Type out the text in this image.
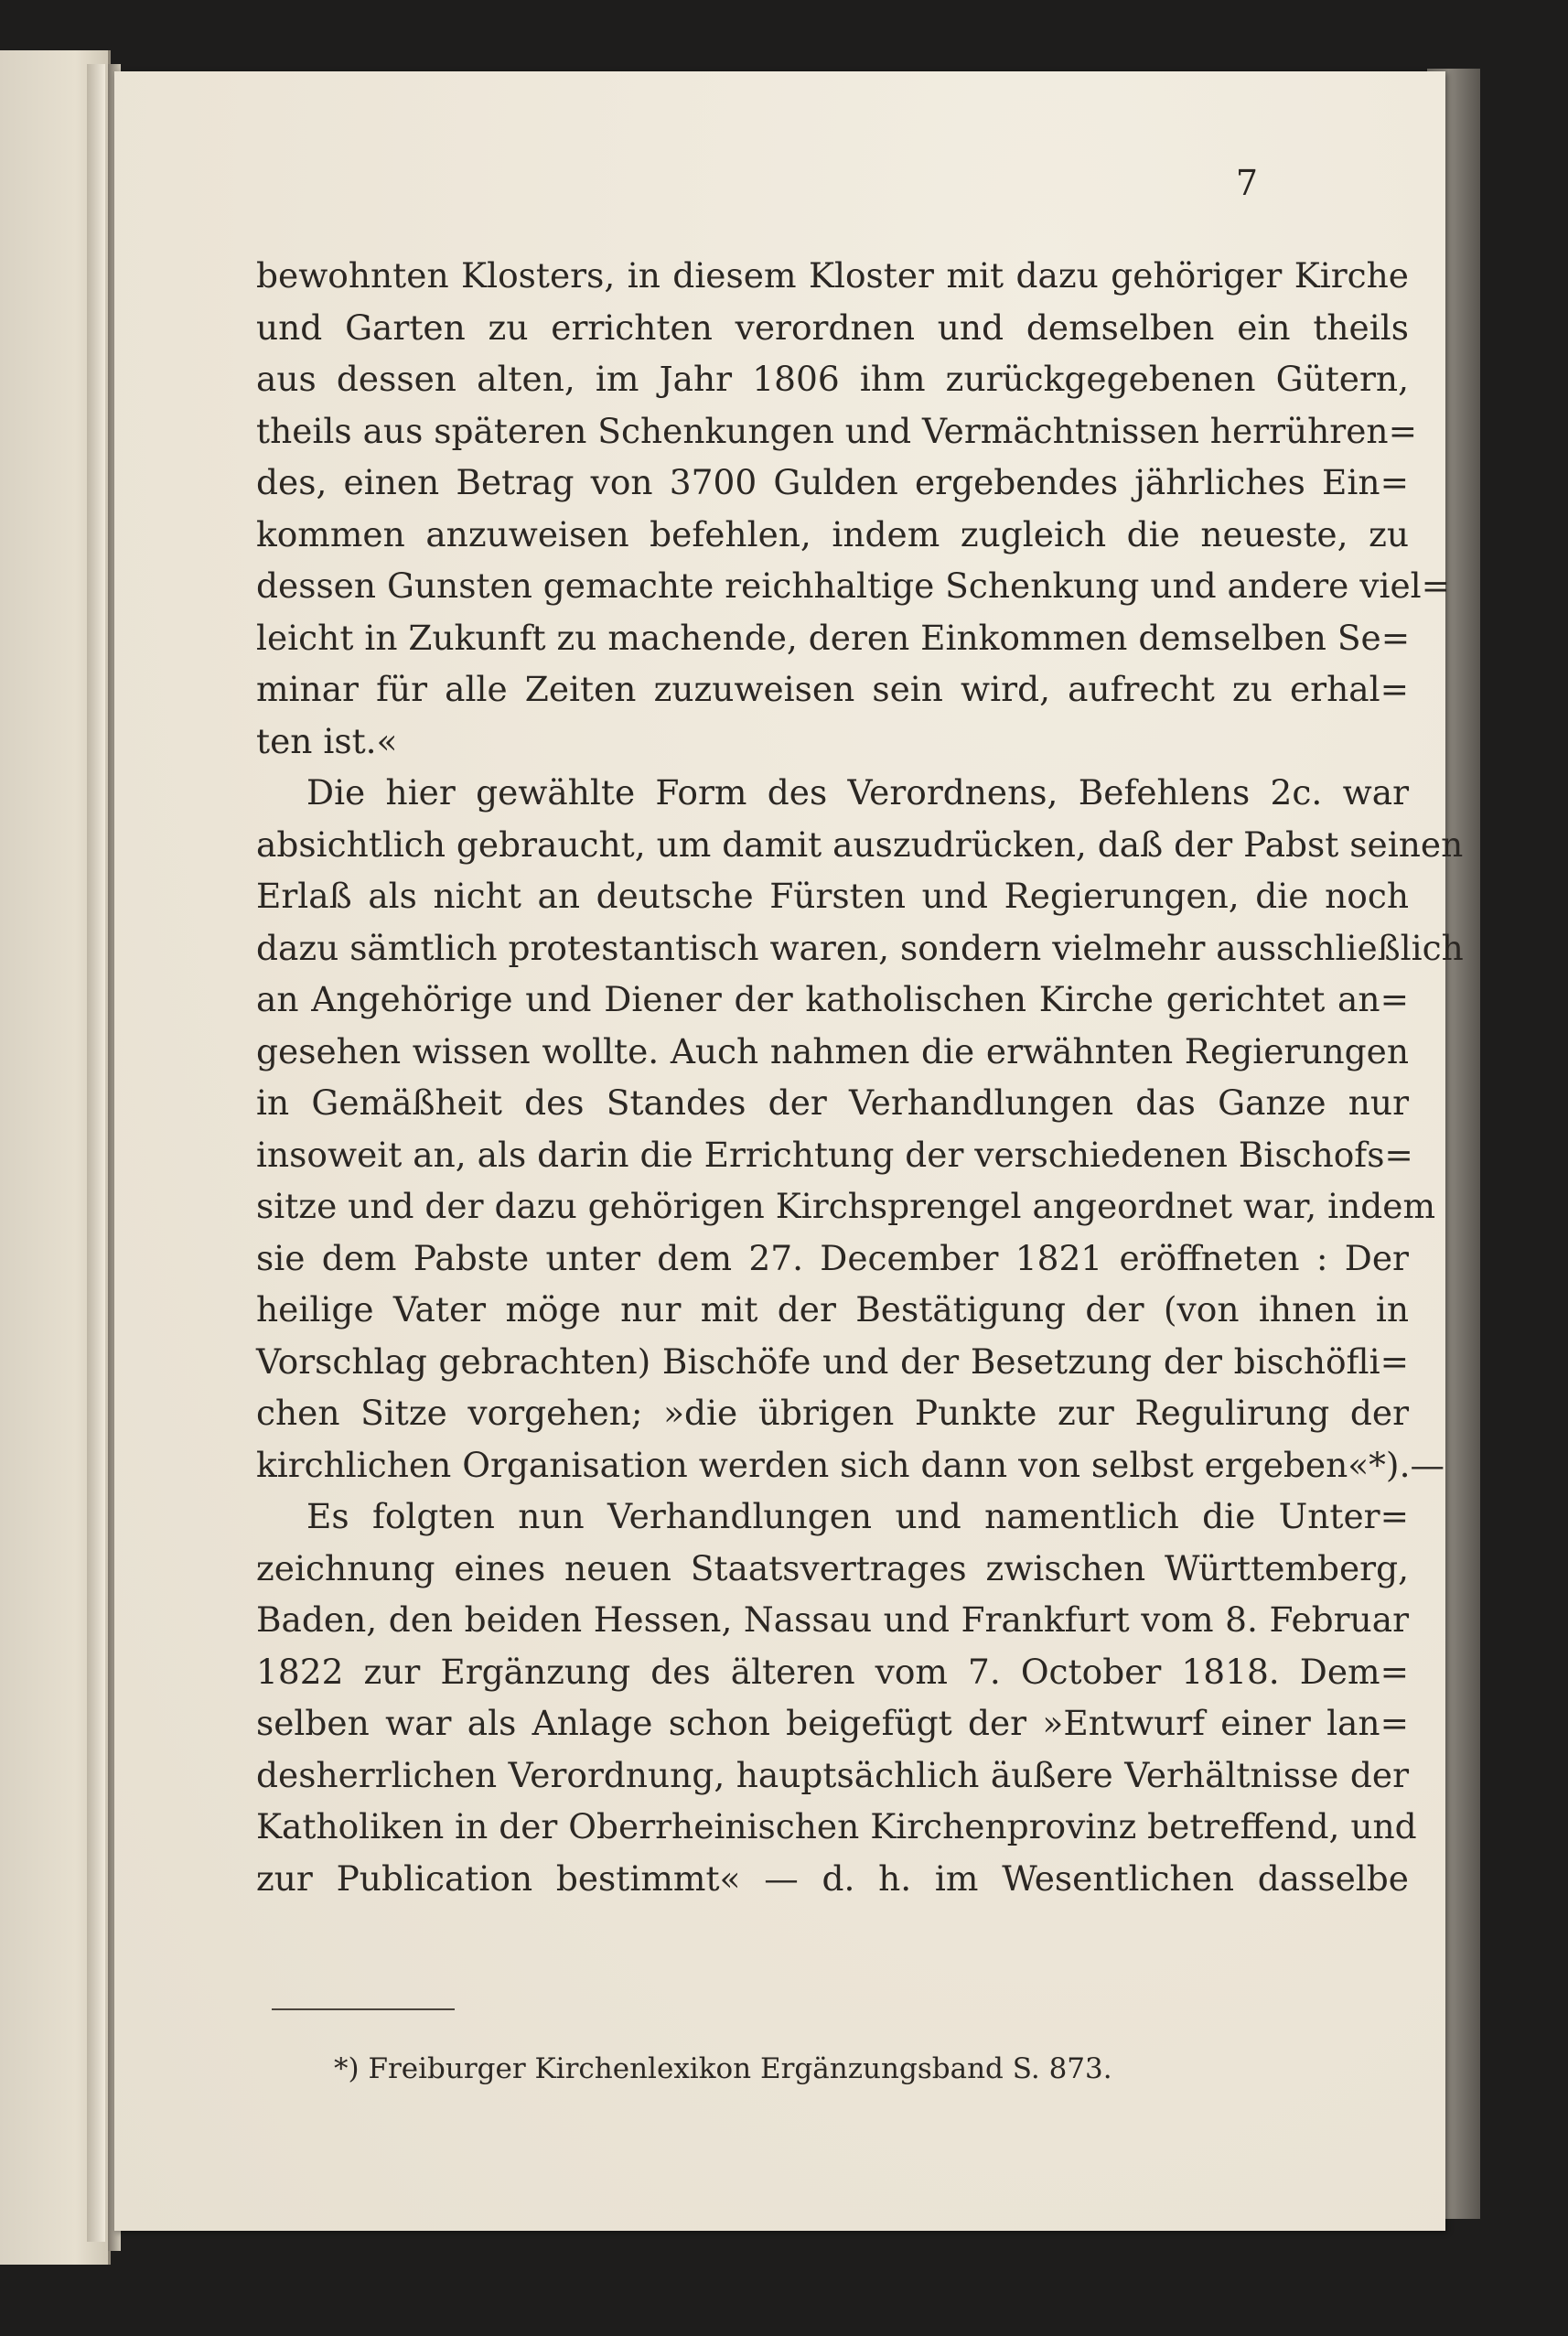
7
bewohnten Klosters, in diesem Kloster mit dazu gehöriger Kirche
und Garten zu errichten verordnen und demselben ein theils
aus dessen alten, im Jahr 1806 ihm zurückgegebenen Gütern,
theils aus späteren Schenkungen und Vermächtnissen herrühren=
des, einen Betrag von 3700 Gulden ergebendes jährliches Ein=
kommen anzuweisen befehlen, indem zugleich die neueste, zu
dessen Gunsten gemachte reichhaltige Schenkung und andere viel=
leicht in Zukunft zu machende, deren Einkommen demselben Se=
minar für alle Zeiten zuzuweisen sein wird, aufrecht zu erhal=
ten ist.«
Die hier gewählte Form des Verordnens, Befehlens 2c. war
absichtlich gebraucht, um damit auszudrücken, daß der Pabst seinen
Erlaß als nicht an deutsche Fürsten und Regierungen, die noch
dazu sämtlich protestantisch waren, sondern vielmehr ausschließlich
an Angehörige und Diener der katholischen Kirche gerichtet an=
gesehen wissen wollte. Auch nahmen die erwähnten Regierungen
in Gemäßheit des Standes der Verhandlungen das Ganze nur
insoweit an, als darin die Errichtung der verschiedenen Bischofs=
sitze und der dazu gehörigen Kirchsprengel angeordnet war, indem
sie dem Pabste unter dem 27. December 1821 eröffneten : Der
heilige Vater möge nur mit der Bestätigung der (von ihnen in
Vorschlag gebrachten) Bischöfe und der Besetzung der bischöfli=
chen Sitze vorgehen; »die übrigen Punkte zur Regulirung der
kirchlichen Organisation werden sich dann von selbst ergeben«*).—
Es folgten nun Verhandlungen und namentlich die Unter=
zeichnung eines neuen Staatsvertrages zwischen Württemberg,
Baden, den beiden Hessen, Nassau und Frankfurt vom 8. Februar
1822 zur Ergänzung des älteren vom 7. October 1818. Dem=
selben war als Anlage schon beigefügt der »Entwurf einer lan=
desherrlichen Verordnung, hauptsächlich äußere Verhältnisse der
Katholiken in der Oberrheinischen Kirchenprovinz betreffend, und
zur Publication bestimmt« — d. h. im Wesentlichen dasselbe
*) Freiburger Kirchenlexikon Ergänzungsband S. 873.
